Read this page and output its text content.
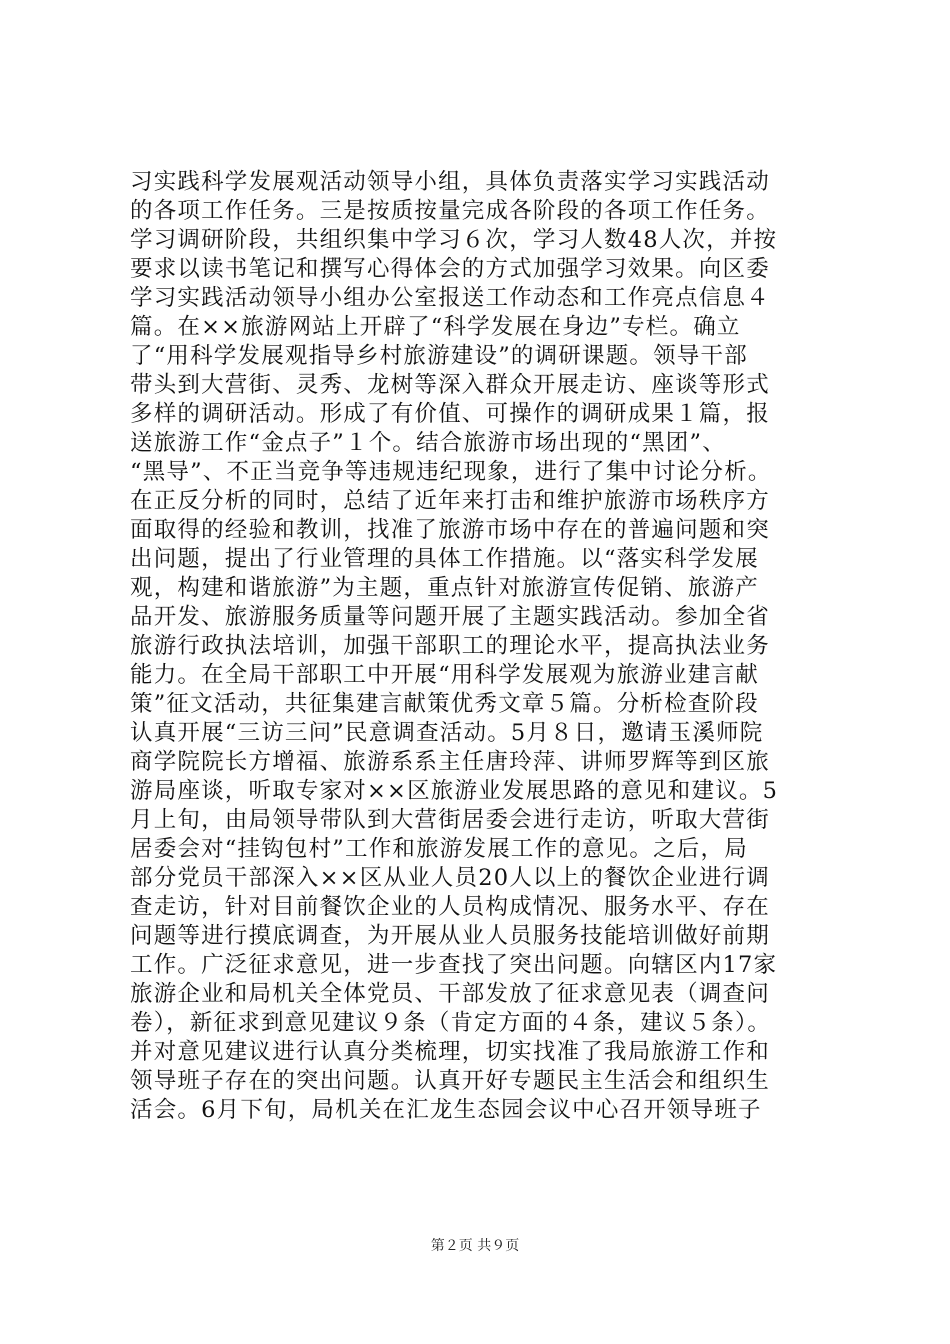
习实践科学发展观活动领导小组，具体负责落实学习实践活动
的各项工作任务。三是按质按量完成各阶段的各项工作任务。
学习调研阶段，共组织集中学习６次，学习人数48人次，并按
要求以读书笔记和撰写心得体会的方式加强学习效果。向区委
学习实践活动领导小组办公室报送工作动态和工作亮点信息４
篇。在××旅游网站上开辟了“科学发展在身边”专栏。确立
了“用科学发展观指导乡村旅游建设”的调研课题。领导干部
带头到大营街、灵秀、龙树等深入群众开展走访、座谈等形式
多样的调研活动。形成了有价值、可操作的调研成果１篇，报
送旅游工作“金点子”１个。结合旅游市场出现的“黑团”、
“黑导”、不正当竞争等违规违纪现象，进行了集中讨论分析。
在正反分析的同时，总结了近年来打击和维护旅游市场秩序方
面取得的经验和教训，找准了旅游市场中存在的普遍问题和突
出问题，提出了行业管理的具体工作措施。以“落实科学发展
观，构建和谐旅游”为主题，重点针对旅游宣传促销、旅游产
品开发、旅游服务质量等问题开展了主题实践活动。参加全省
旅游行政执法培训，加强干部职工的理论水平，提高执法业务
能力。在全局干部职工中开展“用科学发展观为旅游业建言献
策”征文活动，共征集建言献策优秀文章５篇。分析检查阶段
认真开展“三访三问”民意调查活动。5月８日，邀请玉溪师院
商学院院长方增福、旅游系系主任唐玲萍、讲师罗辉等到区旅
游局座谈，听取专家对××区旅游业发展思路的意见和建议。5
月上旬，由局领导带队到大营街居委会进行走访，听取大营街
居委会对“挂钩包村”工作和旅游发展工作的意见。之后，局
部分党员干部深入××区从业人员20人以上的餐饮企业进行调
查走访，针对目前餐饮企业的人员构成情况、服务水平、存在
问题等进行摸底调查，为开展从业人员服务技能培训做好前期
工作。广泛征求意见，进一步查找了突出问题。向辖区内17家
旅游企业和局机关全体党员、干部发放了征求意见表（调查问
卷），新征求到意见建议９条（肯定方面的４条，建议５条）。
并对意见建议进行认真分类梳理，切实找准了我局旅游工作和
领导班子存在的突出问题。认真开好专题民主生活会和组织生
活会。6月下旬，局机关在汇龙生态园会议中心召开领导班子
第２页 共９页
